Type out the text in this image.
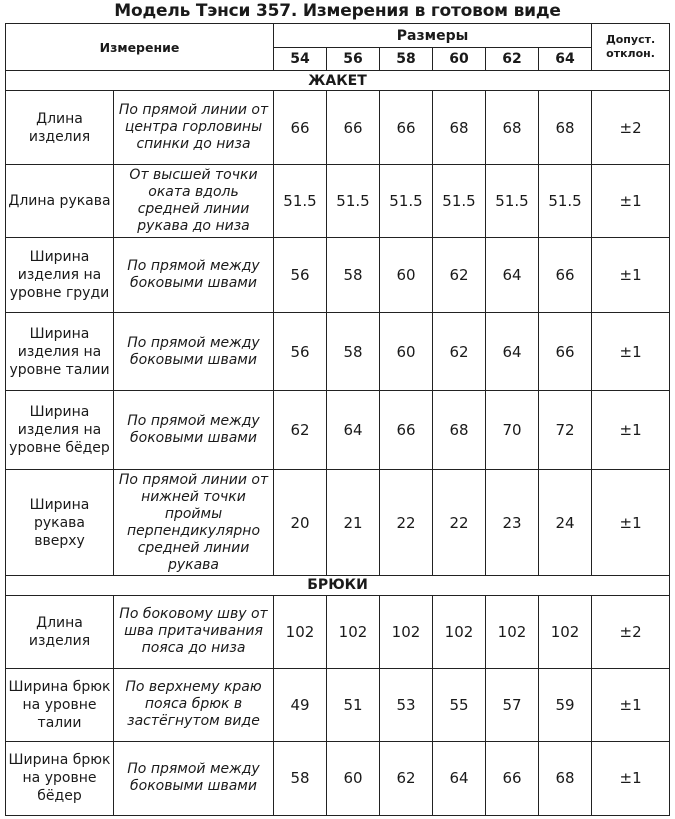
Модель Тэнси 357. Измерения в готовом виде
Измерение		Размеры						Допуст. отклон.
		54	56	58	60	62	64	
ЖАКЕТ								
Длина изделия	По прямой линии от центра горловины спинки до низа	66	66	66	68	68	68	±2
Длина рукава	От высшей точки оката вдоль средней линии рукава до низа	51.5	51.5	51.5	51.5	51.5	51.5	±1
Ширина изделия на уровне груди	По прямой между боковыми швами	56	58	60	62	64	66	±1
Ширина изделия на уровне талии	По прямой между боковыми швами	56	58	60	62	64	66	±1
Ширина изделия на уровне бёдер	По прямой между боковыми швами	62	64	66	68	70	72	±1
Ширина рукава вверху	По прямой линии от нижней точки проймы перпендикулярно средней линии рукава	20	21	22	22	23	24	±1
БРЮКИ								
Длина изделия	По боковому шву от шва притачивания пояса до низа	102	102	102	102	102	102	±2
Ширина брюк на уровне талии	По верхнему краю пояса брюк в застёгнутом виде	49	51	53	55	57	59	±1
Ширина брюк на уровне бёдер	По прямой между боковыми швами	58	60	62	64	66	68	±1
